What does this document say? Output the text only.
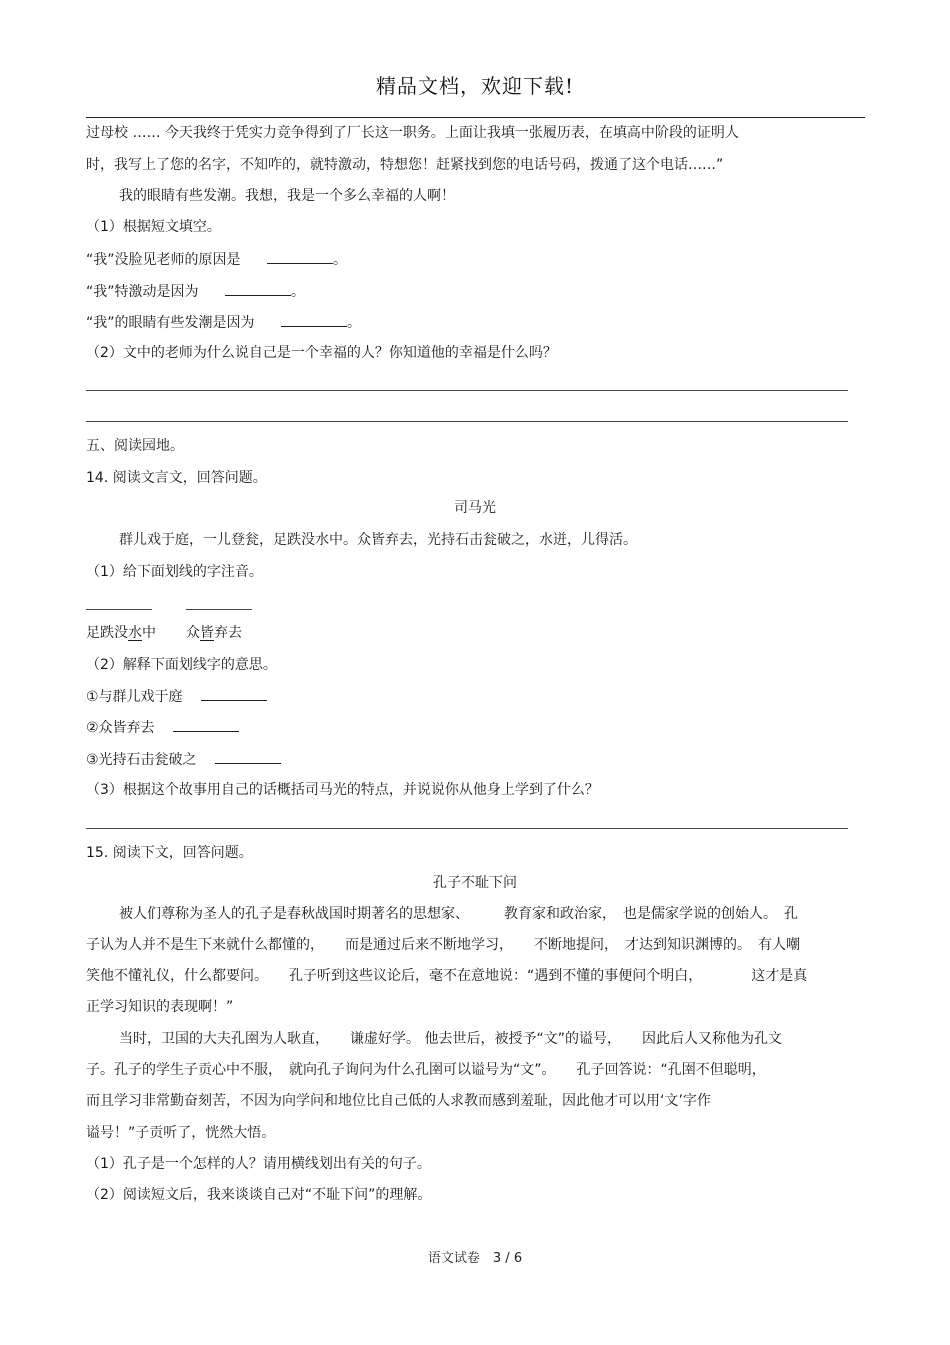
精品文档，欢迎下载!
过母校 …… 今天我终于凭实力竞争得到了厂长这一职务。上面让我填一张履历表，在填高中阶段的证明人
时，我写上了您的名字，不知咋的，就特激动，特想您！赶紧找到您的电话号码，拨通了这个电话……”
我的眼睛有些发潮。我想，我是一个多么幸福的人啊！
（1）根据短文填空。
“我”没脸见老师的原因是	。
“我”特激动是因为	。
“我”的眼睛有些发潮是因为	。
（2）文中的老师为什么说自己是一个幸福的人？你知道他的幸福是什么吗？
五、阅读园地。
14. 阅读文言文，回答问题。
司马光
群儿戏于庭，一儿登瓮，足跌没水中。众皆弃去，光持石击瓮破之，水迸，儿得活。
（1）给下面划线的字注音。
足跌没水中 众皆弃去
（2）解释下面划线字的意思。
①与群儿戏于庭
②众皆弃去
③光持石击瓮破之
（3）根据这个故事用自己的话概括司马光的特点，并说说你从他身上学到了什么？
15. 阅读下文，回答问题。
孔子不耻下问
被人们尊称为圣人的孔子是春秋战国时期著名的思想家、　　　教育家和政治家，　也是儒家学说的创始人。　孔
子认为人并不是生下来就什么都懂的，　　而是通过后来不断地学习，　　不断地提问，　才达到知识渊博的。　有人嘲
笑他不懂礼仪，什么都要问。　　孔子听到这些议论后，毫不在意地说：“遇到不懂的事便问个明白，　　　　这才是真
正学习知识的表现啊！”
当时，卫国的大夫孔圉为人耿直，　　谦虚好学。 他去世后，被授予“文”的谥号，　　因此后人又称他为孔文
子。孔子的学生子贡心中不服，　就向孔子询问为什么孔圉可以谥号为“文”。　　孔子回答说：“孔圉不但聪明，
而且学习非常勤奋刻苦，不因为向学问和地位比自己低的人求教而感到羞耻，因此他才可以用‘文’字作
谥号！”子贡听了，恍然大悟。
（1）孔子是一个怎样的人？请用横线划出有关的句子。
（2）阅读短文后，我来谈谈自己对“不耻下问”的理解。
语文试卷　3 / 6
